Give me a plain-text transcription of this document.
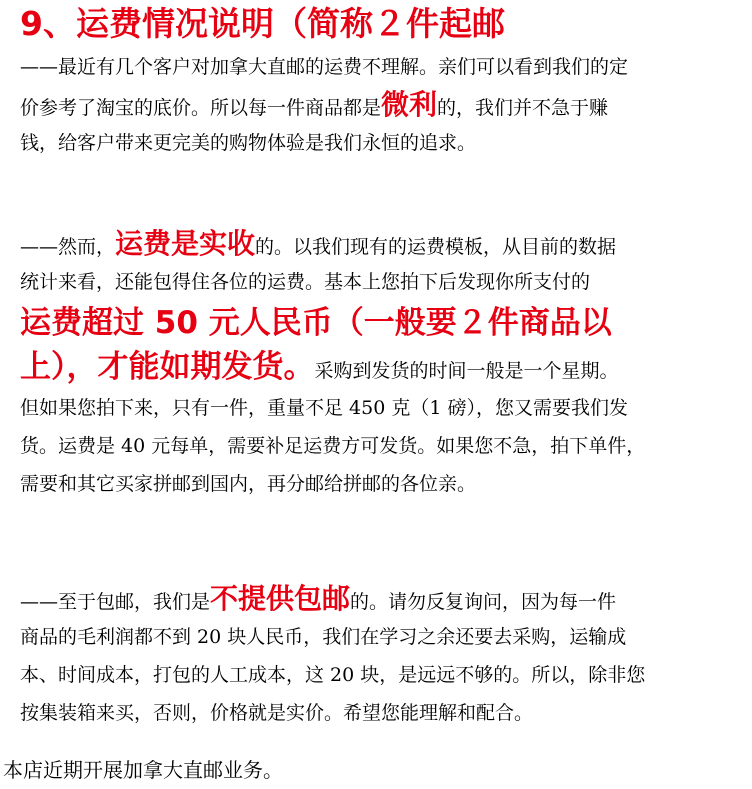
9、运费情况说明（简称２件起邮
——最近有几个客户对加拿大直邮的运费不理解。亲们可以看到我们的定
价参考了淘宝的底价。所以每一件商品都是微利的，我们并不急于赚
钱，给客户带来更完美的购物体验是我们永恒的追求。
——然而，运费是实收的。以我们现有的运费模板，从目前的数据
统计来看，还能包得住各位的运费。基本上您拍下后发现你所支付的
运费超过 50 元人民币（一般要２件商品以
上），才能如期发货。采购到发货的时间一般是一个星期。
但如果您拍下来，只有一件，重量不足 450 克（1 磅），您又需要我们发
货。运费是 40 元每单，需要补足运费方可发货。如果您不急，拍下单件，
需要和其它买家拼邮到国内，再分邮给拼邮的各位亲。
——至于包邮，我们是不提供包邮的。请勿反复询问，因为每一件
商品的毛利润都不到 20 块人民币，我们在学习之余还要去采购，运输成
本、时间成本，打包的人工成本，这 20 块，是远远不够的。所以，除非您
按集装箱来买，否则，价格就是实价。希望您能理解和配合。
本店近期开展加拿大直邮业务。
